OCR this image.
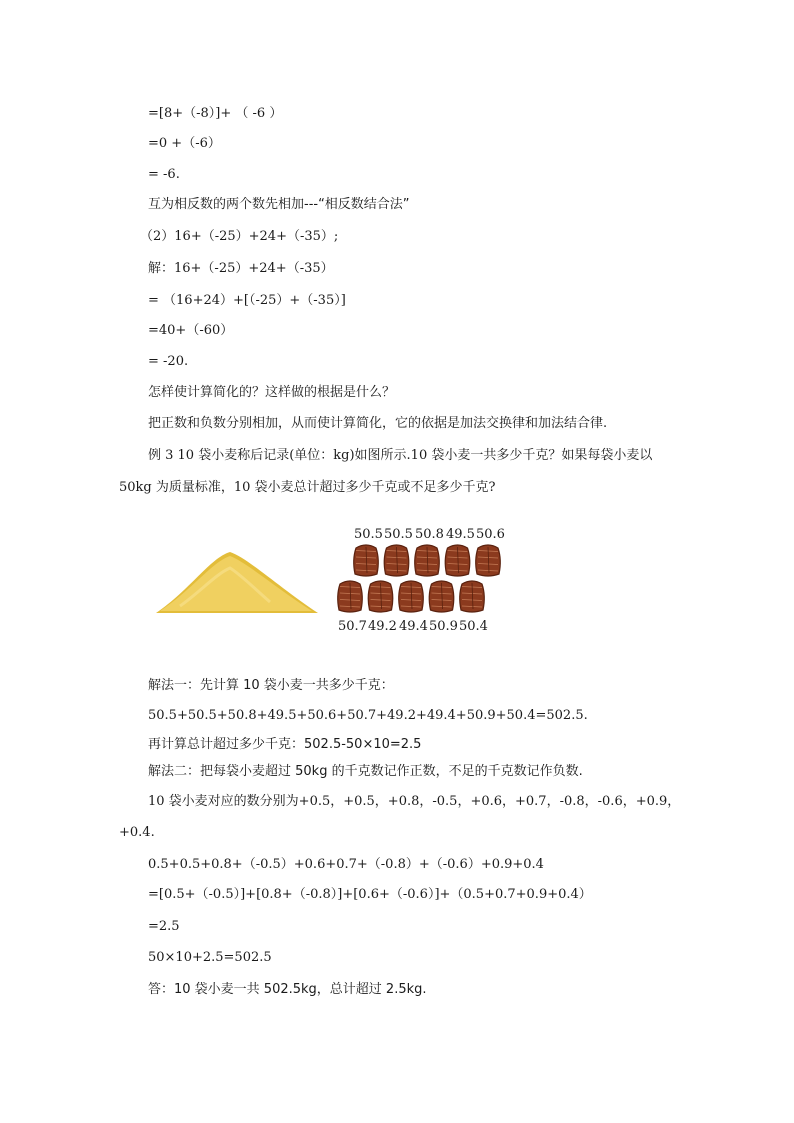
=[8+（-8）]+ （ -6 ）
=0 +（-6）
= -6.
互为相反数的两个数先相加---“相反数结合法”
（2）16+（-25）+24+（-35）;
解：16+（-25）+24+（-35）
= （16+24）+[（-25）+（-35）]
=40+（-60）
= -20.
怎样使计算简化的？这样做的根据是什么？
把正数和负数分别相加，从而使计算简化，它的依据是加法交换律和加法结合律.
例 3 10 袋小麦称后记录(单位：kg)如图所示.10 袋小麦一共多少千克？如果每袋小麦以
50kg 为质量标准，10 袋小麦总计超过多少千克或不足多少千克?
50.5 50.5 50.8 49.5 50.6
50.7 49.2 49.4 50.9 50.4
解法一：先计算 10 袋小麦一共多少千克：
50.5+50.5+50.8+49.5+50.6+50.7+49.2+49.4+50.9+50.4=502.5.
再计算总计超过多少千克：502.5-50×10=2.5
解法二：把每袋小麦超过 50kg 的千克数记作正数，不足的千克数记作负数.
10 袋小麦对应的数分别为+0.5，+0.5，+0.8，-0.5，+0.6，+0.7，-0.8，-0.6，+0.9，
+0.4.
0.5+0.5+0.8+（-0.5）+0.6+0.7+（-0.8）+（-0.6）+0.9+0.4
=[0.5+（-0.5）]+[0.8+（-0.8）]+[0.6+（-0.6）]+（0.5+0.7+0.9+0.4）
=2.5
50×10+2.5=502.5
答：10 袋小麦一共 502.5kg，总计超过 2.5kg.
